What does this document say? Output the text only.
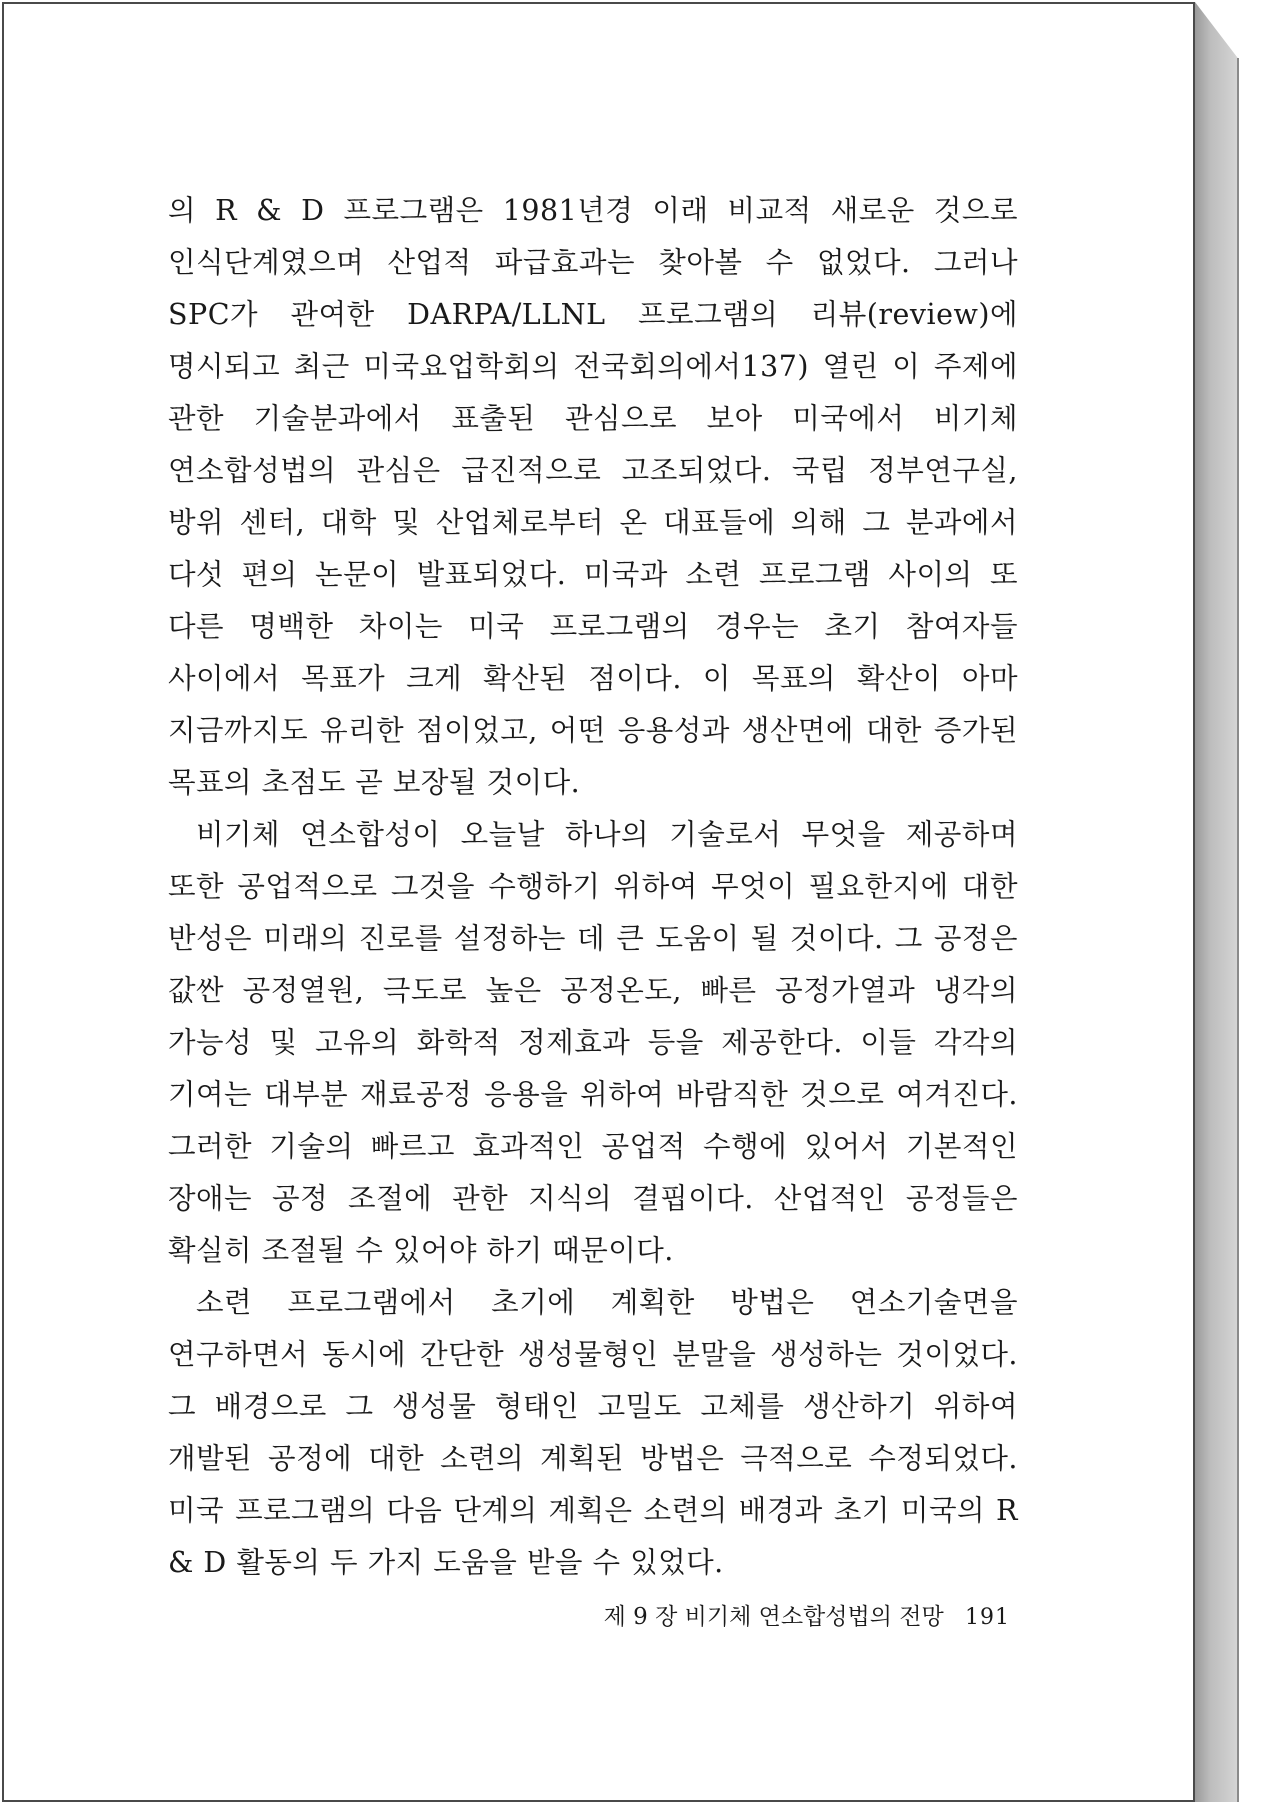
의 R & D 프로그램은 1981년경 이래 비교적 새로운 것으로 인식단계였으며 산업적 파급효과는 찾아볼 수 없었다. 그러나 SPC가 관여한 DARPA/LLNL 프로그램의 리뷰(review)에 명시되고 최근 미국요업학회의 전국회의에서137) 열린 이 주제에 관한 기술분과에서 표출된 관심으로 보아 미국에서 비기체 연소합성법의 관심은 급진적으로 고조되었다. 국립 정부연구실, 방위 센터, 대학 및 산업체로부터 온 대표들에 의해 그 분과에서 다섯 편의 논문이 발표되었다. 미국과 소련 프로그램 사이의 또 다른 명백한 차이는 미국 프로그램의 경우는 초기 참여자들 사이에서 목표가 크게 확산된 점이다. 이 목표의 확산이 아마 지금까지도 유리한 점이었고, 어떤 응용성과 생산면에 대한 증가된 목표의 초점도 곧 보장될 것이다.

비기체 연소합성이 오늘날 하나의 기술로서 무엇을 제공하며 또한 공업적으로 그것을 수행하기 위하여 무엇이 필요한지에 대한 반성은 미래의 진로를 설정하는 데 큰 도움이 될 것이다. 그 공정은 값싼 공정열원, 극도로 높은 공정온도, 빠른 공정가열과 냉각의 가능성 및 고유의 화학적 정제효과 등을 제공한다. 이들 각각의 기여는 대부분 재료공정 응용을 위하여 바람직한 것으로 여겨진다. 그러한 기술의 빠르고 효과적인 공업적 수행에 있어서 기본적인 장애는 공정 조절에 관한 지식의 결핍이다. 산업적인 공정들은 확실히 조절될 수 있어야 하기 때문이다.

소련 프로그램에서 초기에 계획한 방법은 연소기술면을 연구하면서 동시에 간단한 생성물형인 분말을 생성하는 것이었다. 그 배경으로 그 생성물 형태인 고밀도 고체를 생산하기 위하여 개발된 공정에 대한 소련의 계획된 방법은 극적으로 수정되었다. 미국 프로그램의 다음 단계의 계획은 소련의 배경과 초기 미국의 R & D 활동의 두 가지 도움을 받을 수 있었다.

제 9 장 비기체 연소합성법의 전망 191
